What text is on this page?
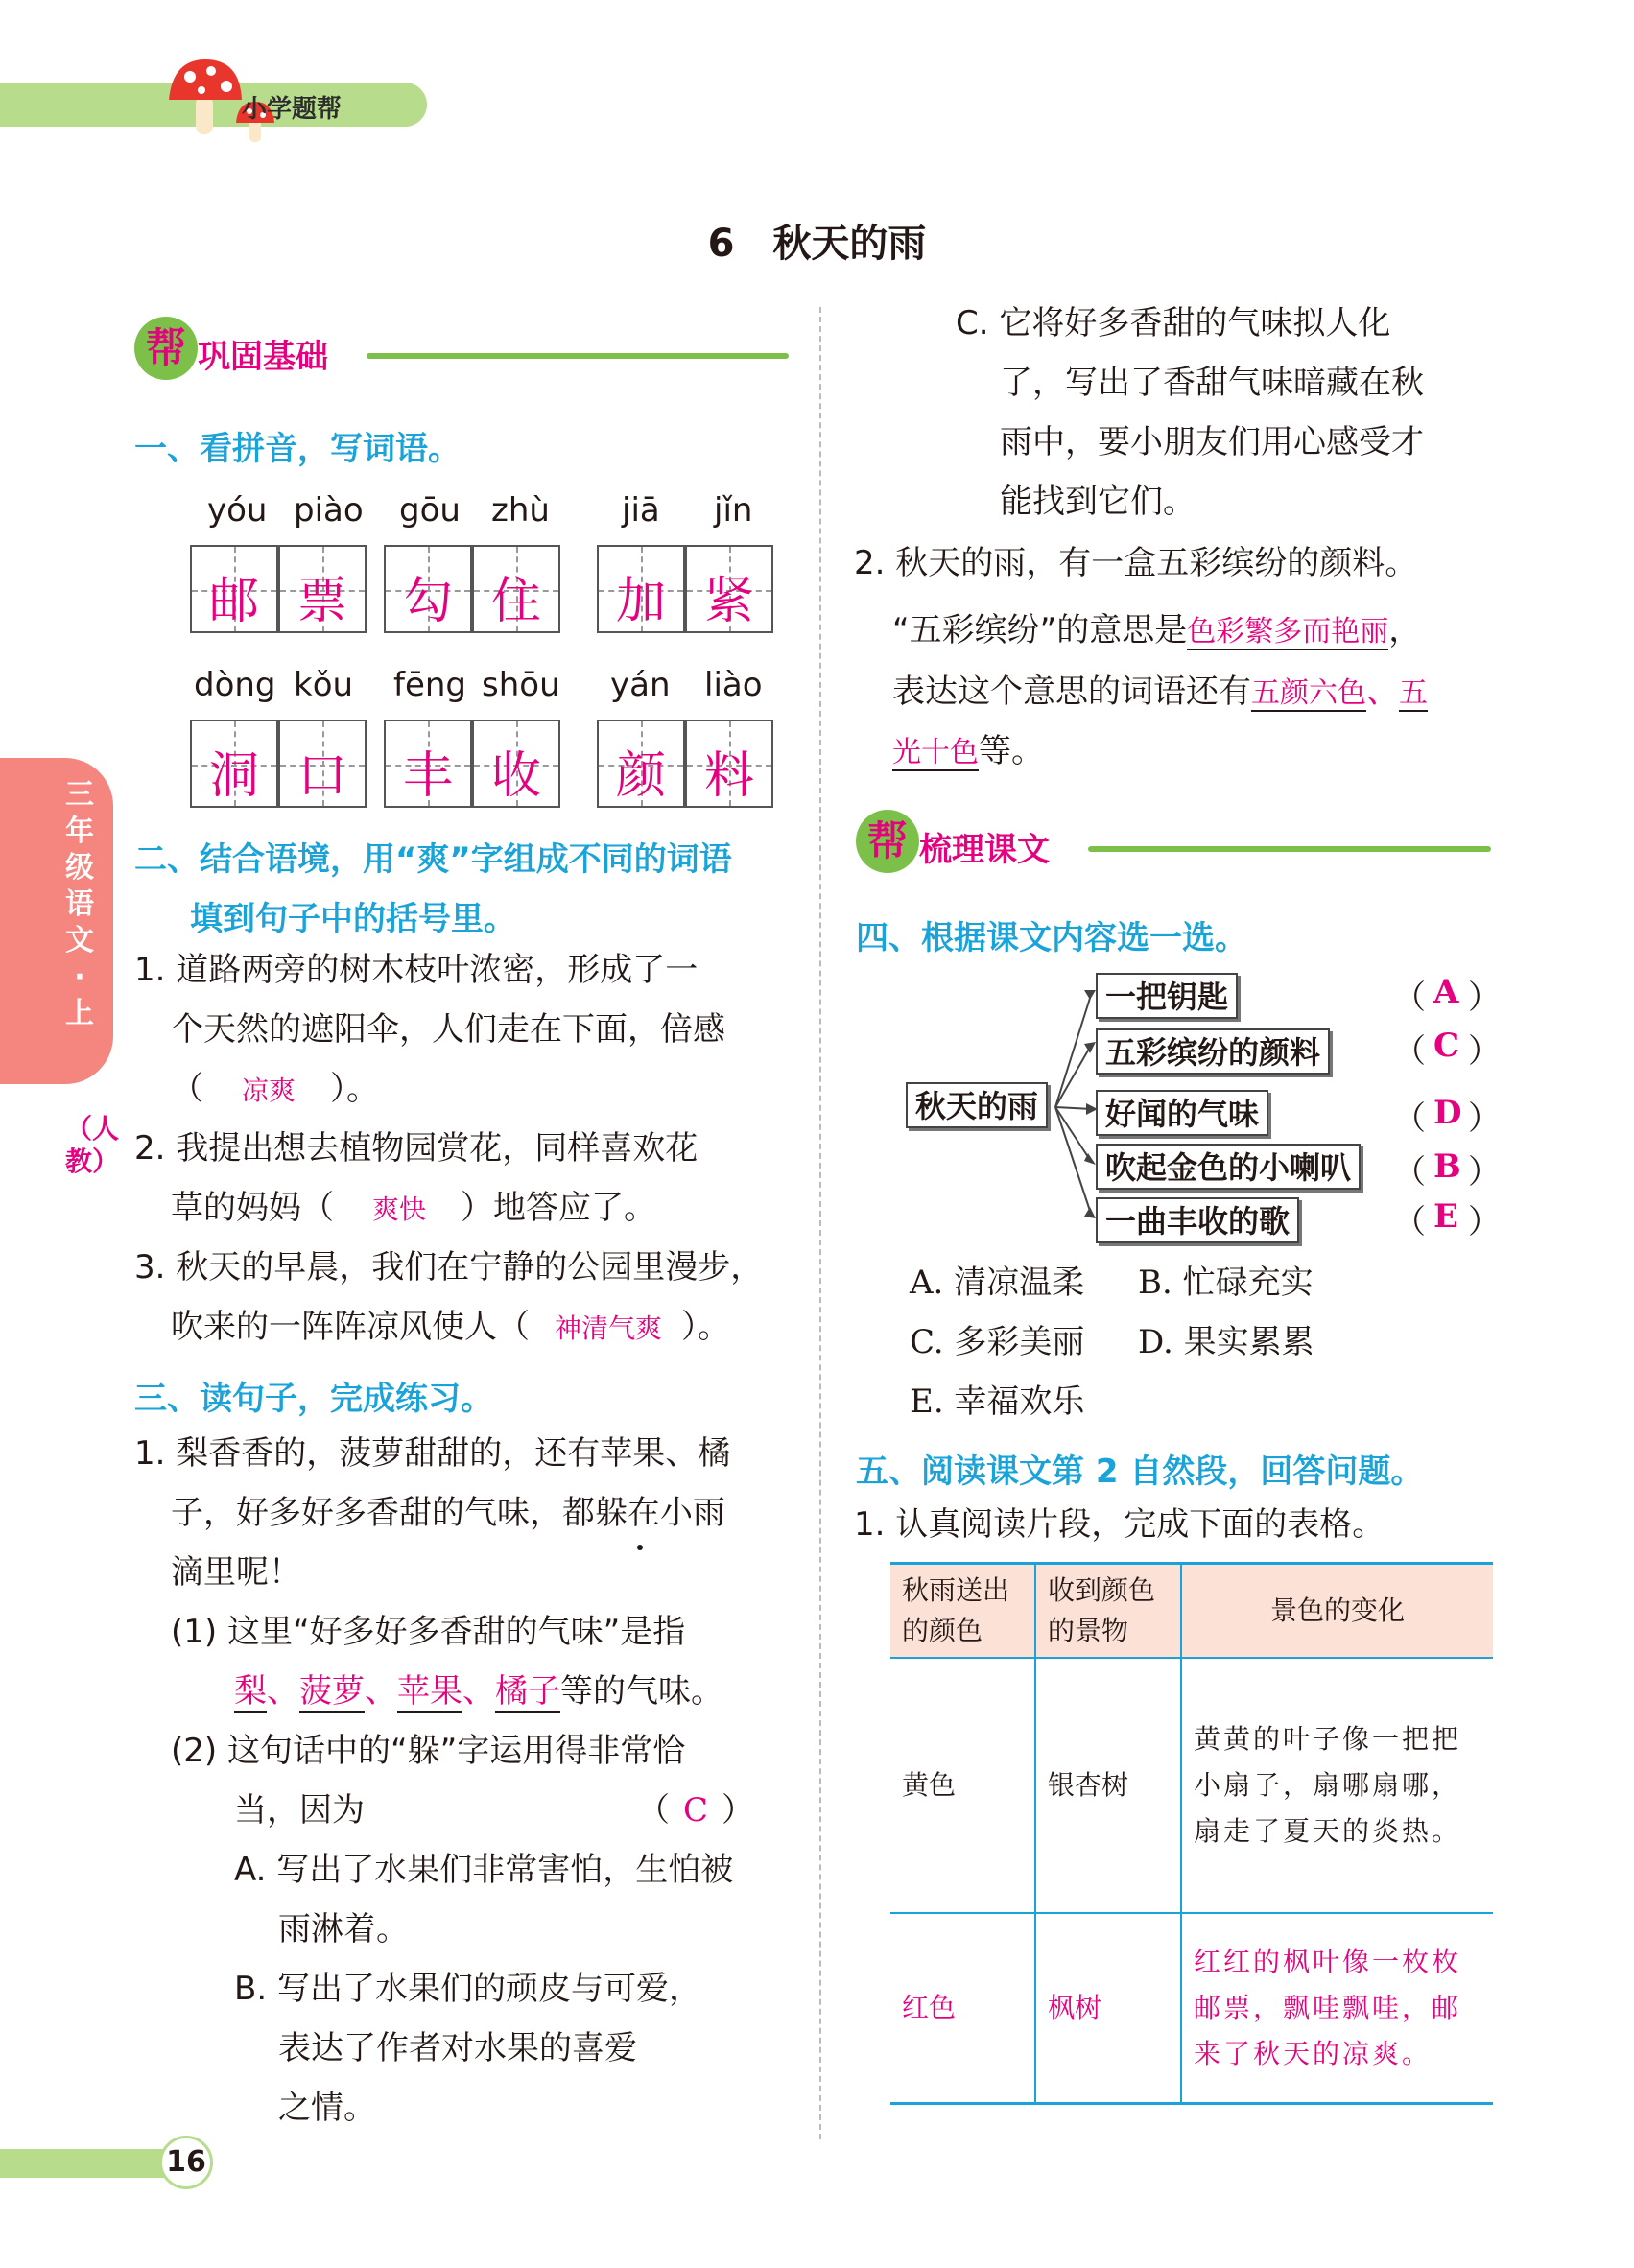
小学题帮
6 秋天的雨
三年级语文·上
（人教）
帮 巩固基础
一、看拼音，写词语。
yóu piào gōu zhù jiā jǐn
邮 票	勾 住	加 紧
dòng kǒu fēng shōu yán liào
洞 口	丰 收	颜 料
二、结合语境，用“爽”字组成不同的词语
填到句子中的括号里。
1. 道路两旁的树木枝叶浓密，形成了一
个天然的遮阳伞，人们走在下面，倍感
（ 凉爽 ）。
2. 我提出想去植物园赏花，同样喜欢花
草的妈妈（ 爽快 ）地答应了。
3. 秋天的早晨，我们在宁静的公园里漫步，
吹来的一阵阵凉风使人（ 神清气爽 ）。
三、读句子，完成练习。
1. 梨香香的，菠萝甜甜的，还有苹果、橘
子，好多好多香甜的气味，都躲在小雨
滴里呢！
(1) 这里“好多好多香甜的气味”是指
梨、菠萝、苹果、橘子等的气味。
(2) 这句话中的“躲”字运用得非常恰
当，因为	（ C ）
A. 写出了水果们非常害怕，生怕被
雨淋着。
B. 写出了水果们的顽皮与可爱，
表达了作者对水果的喜爱
之情。
C. 它将好多香甜的气味拟人化
了，写出了香甜气味暗藏在秋
雨中，要小朋友们用心感受才
能找到它们。
2. 秋天的雨，有一盒五彩缤纷的颜料。
“五彩缤纷”的意思是色彩繁多而艳丽，
表达这个意思的词语还有五颜六色、五
光十色等。
帮 梳理课文
四、根据课文内容选一选。
秋天的雨
一把钥匙
五彩缤纷的颜料
好闻的气味
吹起金色的小喇叭
一曲丰收的歌
（ A ）
（ C ）
（ D ）
（ B ）
（ E ）
A. 清凉温柔 B. 忙碌充实
C. 多彩美丽 D. 果实累累
E. 幸福欢乐
五、阅读课文第 2 自然段，回答问题。
1. 认真阅读片段，完成下面的表格。
秋雨送出的颜色	收到颜色的景物	景色的变化
黄色	银杏树	黄黄的叶子像一把把小扇子，扇哪扇哪，扇走了夏天的炎热。
红色	枫树	红红的枫叶像一枚枚邮票，飘哇飘哇，邮来了秋天的凉爽。
16
